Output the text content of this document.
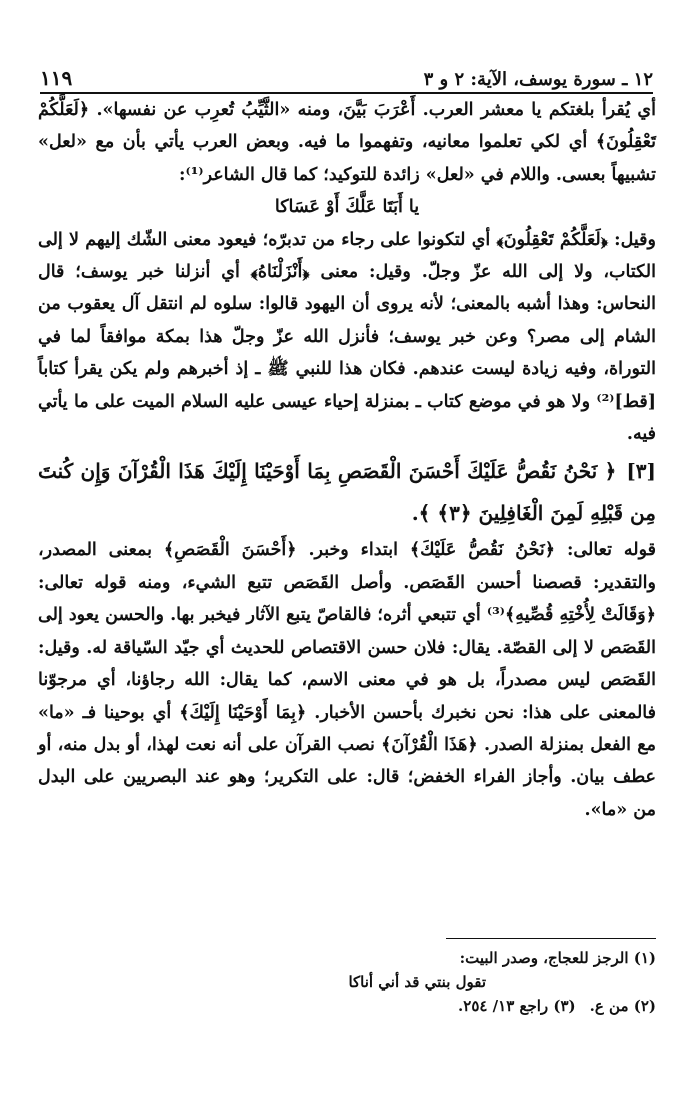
١٢ ـ سورة يوسف، الآية: ٢ و ٣
١١٩

أي يُقرأ بلغتكم يا معشر العرب. أَعْرَبَ بَيَّنَ، ومنه «الثَّيِّبُ تُعرِب عن نفسها». ﴿لَعَلَّكُمْ تَعْقِلُونَ﴾ أي لكي تعلموا معانيه، وتفهموا ما فيه. وبعض العرب يأتي بأن مع «لعل» تشبيهاً بعسى. واللام في «لعل» زائدة للتوكيد؛ كما قال الشاعر⁽¹⁾:

يا أَبَتَا عَلَّكَ أَوْ عَسَاكا

وقيل: ﴿لَعَلَّكُمْ تَعْقِلُونَ﴾ أي لتكونوا على رجاء من تدبرّه؛ فيعود معنى الشّك إليهم لا إلى الكتاب، ولا إلى الله عزّ وجلّ. وقيل: معنى ﴿أَنْزَلْنَاهُ﴾ أي أنزلنا خبر يوسف؛ قال النحاس: وهذا أشبه بالمعنى؛ لأنه يروى أن اليهود قالوا: سلوه لم انتقل آل يعقوب من الشام إلى مصر؟ وعن خبر يوسف؛ فأنزل الله عزّ وجلّ هذا بمكة موافقاً لما في التوراة، وفيه زيادة ليست عندهم. فكان هذا للنبي ﷺ ـ إذ أخبرهم ولم يكن يقرأ كتاباً [قط]⁽²⁾ ولا هو في موضع كتاب ـ بمنزلة إحياء عيسى عليه السلام الميت على ما يأتي فيه.

[٣]﴿ نَحْنُ نَقُصُّ عَلَيْكَ أَحْسَنَ الْقَصَصِ بِمَا أَوْحَيْنَا إِلَيْكَ هَذَا الْقُرْآنَ وَإِن كُنتَ مِن قَبْلِهِ لَمِنَ الْغَافِلِينَ ﴿٣﴾ ﴾.

قوله تعالى: ﴿نَحْنُ نَقُصُّ عَلَيْكَ﴾ ابتداء وخبر. ﴿أَحْسَنَ الْقَصَصِ﴾ بمعنى المصدر، والتقدير: قصصنا أحسن القَصَص. وأصل القَصَص تتبع الشيء، ومنه قوله تعالى: ﴿وَقَالَتْ لِأُخْتِهِ قُصِّيهِ﴾⁽³⁾ أي تتبعي أثره؛ فالقاصّ يتبع الآثار فيخبر بها. والحسن يعود إلى القَصَص لا إلى القصّة. يقال: فلان حسن الاقتصاص للحديث أي جيّد السّياقة له. وقيل: القَصَص ليس مصدراً، بل هو في معنى الاسم، كما يقال: الله رجاؤنا، أي مرجوّنا فالمعنى على هذا: نحن نخبرك بأحسن الأخبار. ﴿بِمَا أَوْحَيْنَا إِلَيْكَ﴾ أي بوحينا فـ «ما» مع الفعل بمنزلة الصدر. ﴿هَذَا الْقُرْآنَ﴾ نصب القرآن على أنه نعت لهذا، أو بدل منه، أو عطف بيان. وأجاز الفراء الخفض؛ قال: على التكرير؛ وهو عند البصريين على البدل من «ما».

(١) الرجز للعجاج، وصدر البيت:

تقول بنتي قد أني أناكا

(٢) من ع.
(٣) راجع ١٣/ ٢٥٤.
